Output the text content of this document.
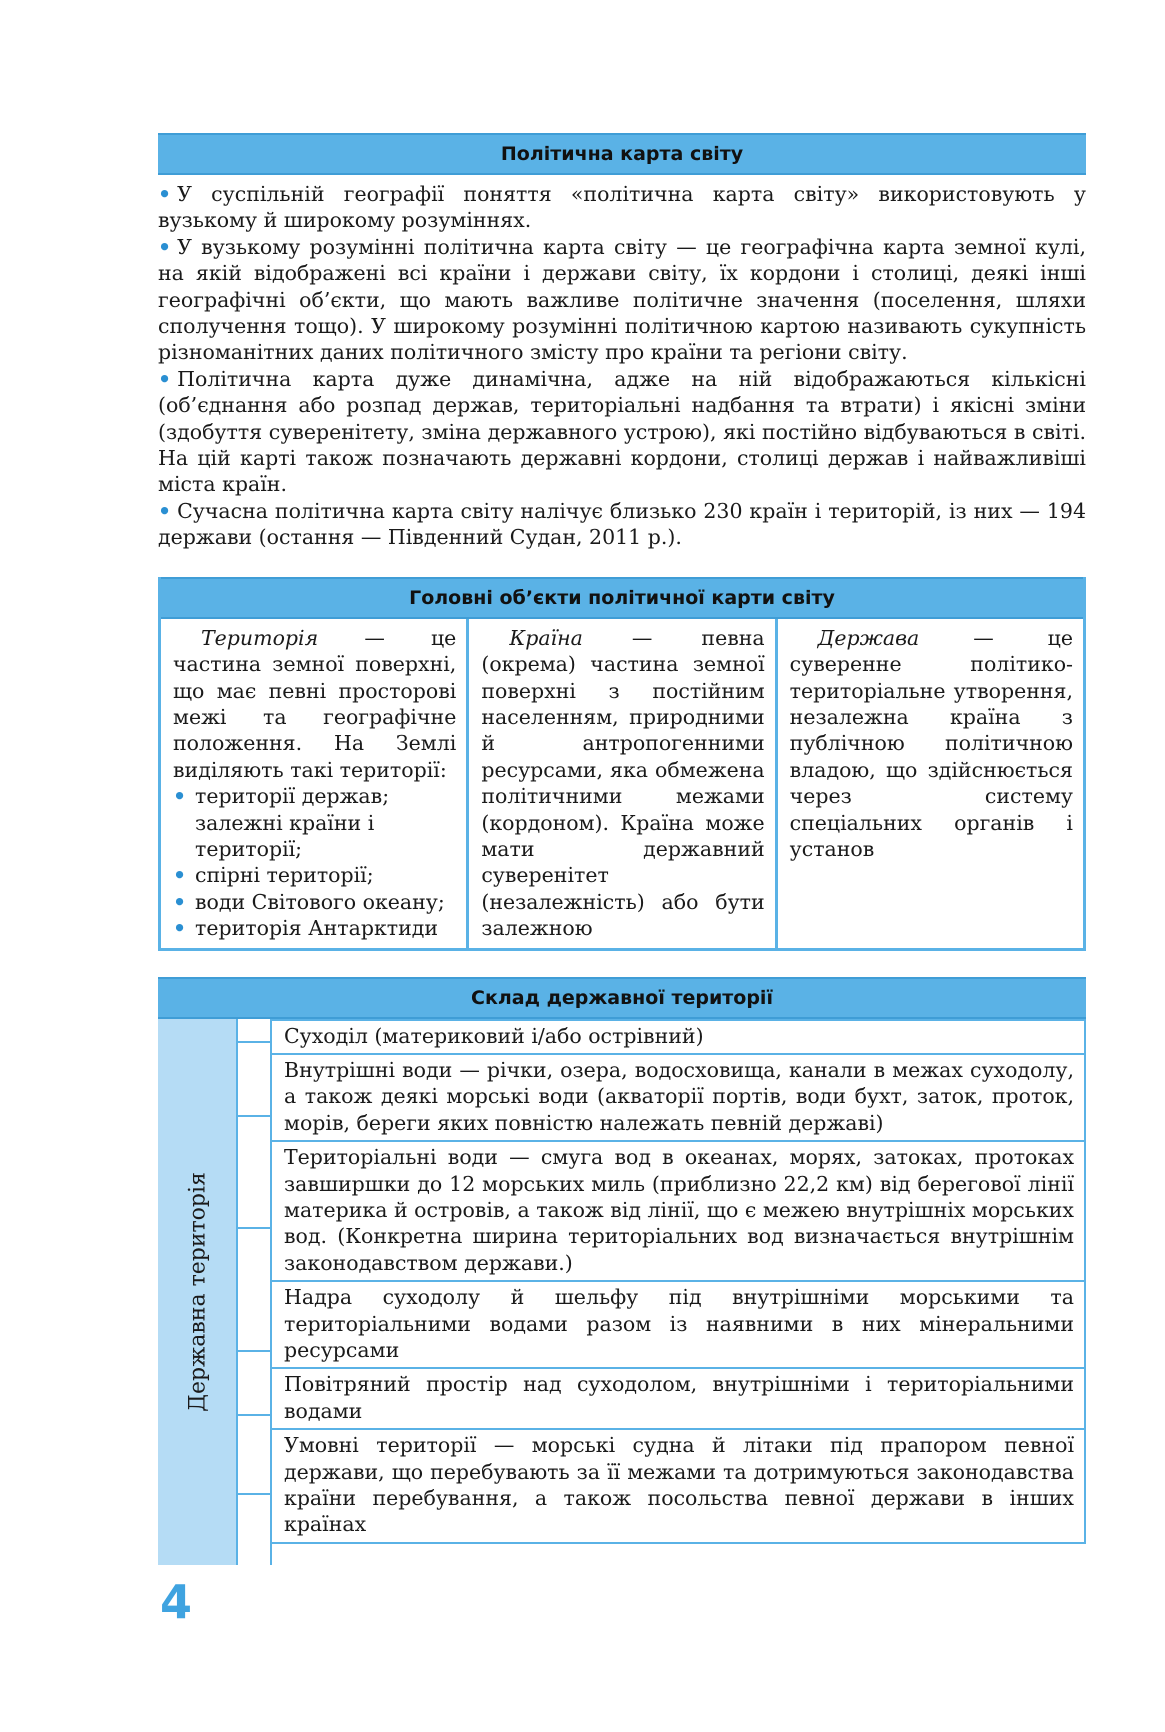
Політична карта світу

• У суспільній географії поняття «політична карта світу» використовують у вузькому й широкому розуміннях.

• У вузькому розумінні політична карта світу — це географічна карта земної кулі, на якій відображені всі країни і держави світу, їх кордони і столиці, деякі інші географічні об’єкти, що мають важливе політичне значення (поселення, шляхи сполучення тощо). У широкому розумінні політичною картою називають сукупність різноманітних даних політичного змісту про країни та регіони світу.

• Політична карта дуже динамічна, адже на ній відображаються кількісні (об’єднання або розпад держав, територіальні надбання та втрати) і якісні зміни (здобуття суверенітету, зміна державного устрою), які постійно відбуваються в світі. На цій карті також позначають державні кордони, столиці держав і найважливіші міста країн.

• Сучасна політична карта світу налічує близько 230 країн і територій, із них — 194 держави (остання — Південний Судан, 2011 р.).

Головні об’єкти політичної карти світу
Територія — це частина земної поверхні, що має певні просторові межі та географічне положення. На Землі виділяють такі території:
• території держав; залежні країни і території;
• спірні території;
• води Світового океану;
• територія Антарктиди
Країна — певна (окрема) частина земної поверхні з постійним населенням, природними й антропогенними ресурсами, яка обмежена політичними межами (кордоном). Країна може мати державний суверенітет (незалежність) або бути залежною
Держава — це суверенне політико-територіальне утворення, незалежна країна з публічною політичною владою, що здійснюється через систему спеціальних органів і установ
Склад державної території
Державна територія
Суходіл (материковий і/або острівний)
Внутрішні води — річки, озера, водосховища, канали в межах суходолу, а також деякі морські води (акваторії портів, води бухт, заток, проток, морів, береги яких повністю належать певній державі)
Територіальні води — смуга вод в океанах, морях, затоках, протоках завширшки до 12 морських миль (приблизно 22,2 км) від берегової лінії материка й островів, а також від лінії, що є межею внутрішніх морських вод. (Конкретна ширина територіальних вод визначається внутрішнім законодавством держави.)
Надра суходолу й шельфу під внутрішніми морськими та територіальними водами разом із наявними в них мінеральними ресурсами
Повітряний простір над суходолом, внутрішніми і територіальними водами
Умовні території — морські судна й літаки під прапором певної держави, що перебувають за її межами та дотримуються законодавства країни перебування, а також посольства певної держави в інших країнах
4
